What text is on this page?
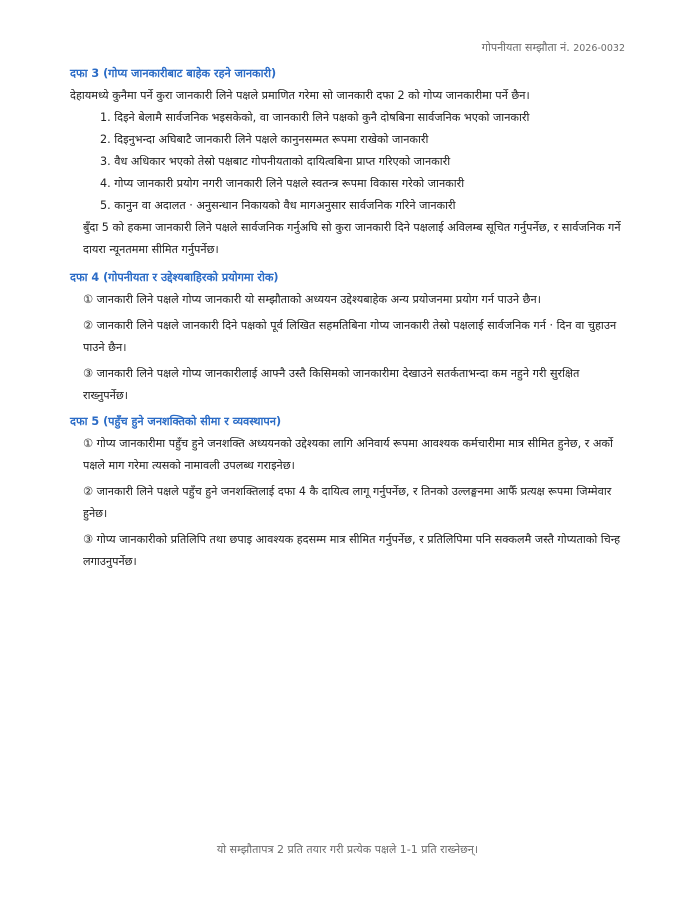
गोपनीयता सम्झौता नं. 2026-0032
दफा 3 (गोप्य जानकारीबाट बाहेक रहने जानकारी)

देहायमध्ये कुनैमा पर्ने कुरा जानकारी लिने पक्षले प्रमाणित गरेमा सो जानकारी दफा 2 को गोप्य जानकारीमा पर्ने छैन।

1. दिइने बेलामै सार्वजनिक भइसकेको, वा जानकारी लिने पक्षको कुनै दोषबिना सार्वजनिक भएको जानकारी
2. दिइनुभन्दा अघिबाटै जानकारी लिने पक्षले कानुनसम्मत रूपमा राखेको जानकारी
3. वैध अधिकार भएको तेस्रो पक्षबाट गोपनीयताको दायित्वबिना प्राप्त गरिएको जानकारी
4. गोप्य जानकारी प्रयोग नगरी जानकारी लिने पक्षले स्वतन्त्र रूपमा विकास गरेको जानकारी
5. कानुन वा अदालत · अनुसन्धान निकायको वैध मागअनुसार सार्वजनिक गरिने जानकारी

बुँदा 5 को हकमा जानकारी लिने पक्षले सार्वजनिक गर्नुअघि सो कुरा जानकारी दिने पक्षलाई अविलम्ब सूचित गर्नुपर्नेछ, र सार्वजनिक गर्ने दायरा न्यूनतममा सीमित गर्नुपर्नेछ।

दफा 4 (गोपनीयता र उद्देश्यबाहिरको प्रयोगमा रोक)

① जानकारी लिने पक्षले गोप्य जानकारी यो सम्झौताको अध्ययन उद्देश्यबाहेक अन्य प्रयोजनमा प्रयोग गर्न पाउने छैन।

② जानकारी लिने पक्षले जानकारी दिने पक्षको पूर्व लिखित सहमतिबिना गोप्य जानकारी तेस्रो पक्षलाई सार्वजनिक गर्न · दिन वा चुहाउन पाउने छैन।

③ जानकारी लिने पक्षले गोप्य जानकारीलाई आफ्नै उस्तै किसिमको जानकारीमा देखाउने सतर्कताभन्दा कम नहुने गरी सुरक्षित राख्नुपर्नेछ।

दफा 5 (पहुँच हुने जनशक्तिको सीमा र व्यवस्थापन)

① गोप्य जानकारीमा पहुँच हुने जनशक्ति अध्ययनको उद्देश्यका लागि अनिवार्य रूपमा आवश्यक कर्मचारीमा मात्र सीमित हुनेछ, र अर्को पक्षले माग गरेमा त्यसको नामावली उपलब्ध गराइनेछ।

② जानकारी लिने पक्षले पहुँच हुने जनशक्तिलाई दफा 4 कै दायित्व लागू गर्नुपर्नेछ, र तिनको उल्लङ्घनमा आफैँ प्रत्यक्ष रूपमा जिम्मेवार हुनेछ।

③ गोप्य जानकारीको प्रतिलिपि तथा छपाइ आवश्यक हदसम्म मात्र सीमित गर्नुपर्नेछ, र प्रतिलिपिमा पनि सक्कलमै जस्तै गोप्यताको चिन्ह लगाउनुपर्नेछ।

यो सम्झौतापत्र 2 प्रति तयार गरी प्रत्येक पक्षले 1-1 प्रति राख्नेछन्।
